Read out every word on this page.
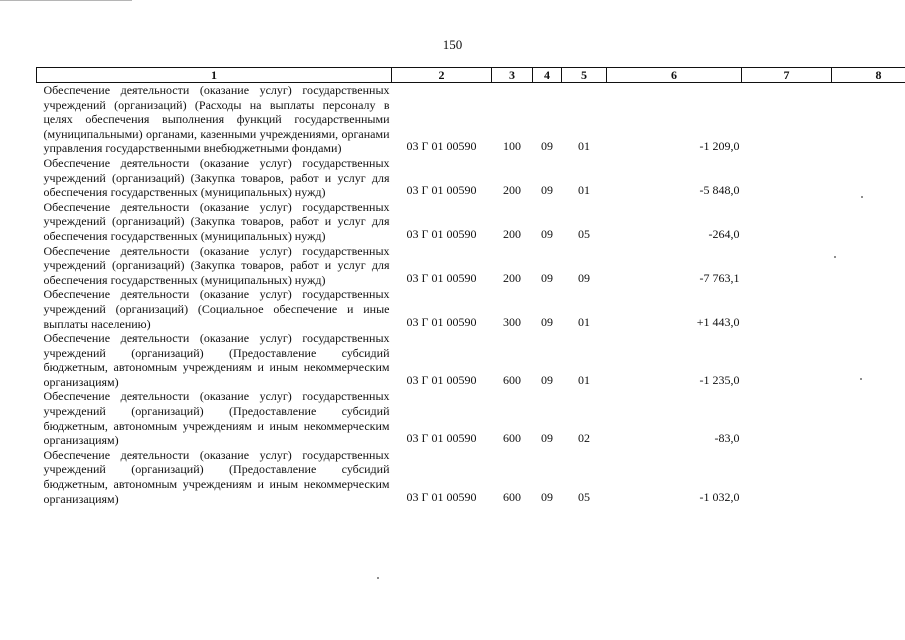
150
1	2	3	4	5	6	7	8
Обеспечение деятельности (оказание услуг) государственных учреждений (организаций) (Расходы на выплаты персоналу в целях обеспечения выполнения функций государственными (муниципальными) органами, казенными учреждениями, органами управления государственными внебюджетными фондами)	03 Г 01 00590	100	09	01	-1 209,0		
Обеспечение деятельности (оказание услуг) государственных учреждений (организаций) (Закупка товаров, работ и услуг для обеспечения государственных (муниципальных) нужд)	03 Г 01 00590	200	09	01	-5 848,0		
Обеспечение деятельности (оказание услуг) государственных учреждений (организаций) (Закупка товаров, работ и услуг для обеспечения государственных (муниципальных) нужд)	03 Г 01 00590	200	09	05	-264,0		
Обеспечение деятельности (оказание услуг) государственных учреждений (организаций) (Закупка товаров, работ и услуг для обеспечения государственных (муниципальных) нужд)	03 Г 01 00590	200	09	09	-7 763,1		
Обеспечение деятельности (оказание услуг) государственных учреждений (организаций) (Социальное обеспечение и иные выплаты населению)	03 Г 01 00590	300	09	01	+1 443,0		
Обеспечение деятельности (оказание услуг) государственных учреждений (организаций) (Предоставление субсидий бюджетным, автономным учреждениям и иным некоммерческим организациям)	03 Г 01 00590	600	09	01	-1 235,0		
Обеспечение деятельности (оказание услуг) государственных учреждений (организаций) (Предоставление субсидий бюджетным, автономным учреждениям и иным некоммерческим организациям)	03 Г 01 00590	600	09	02	-83,0		
Обеспечение деятельности (оказание услуг) государственных учреждений (организаций) (Предоставление субсидий бюджетным, автономным учреждениям и иным некоммерческим организациям)	03 Г 01 00590	600	09	05	-1 032,0		
